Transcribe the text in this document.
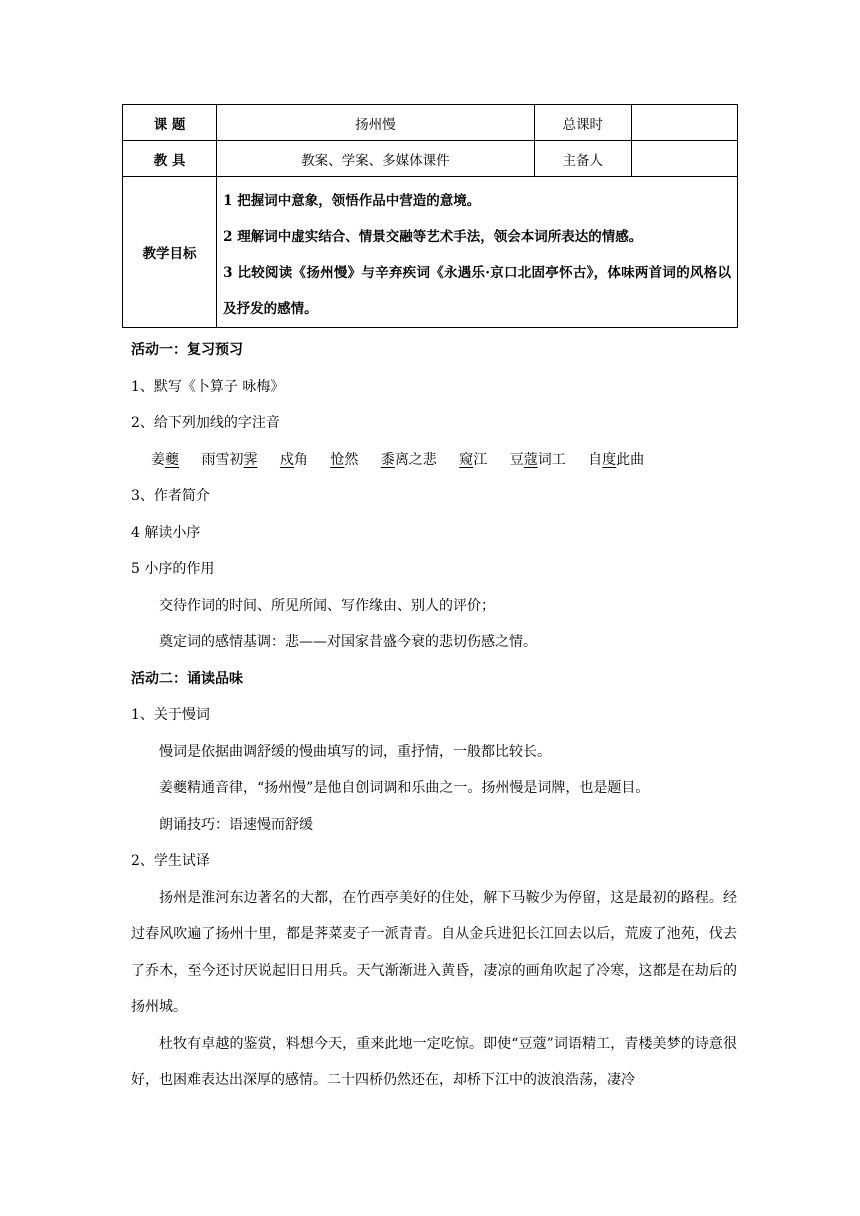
课 题	扬州慢	总课时	
教 具	教案、学案、多媒体课件	主备人	
教学目标	1 把握词中意象，领悟作品中营造的意境。
2 理解词中虚实结合、情景交融等艺术手法，领会本词所表达的情感。
3 比较阅读《扬州慢》与辛弃疾词《永遇乐·京口北固亭怀古》，体味两首词的风格以及抒发的感情。		

活动一：复习预习

1、默写《卜算子 咏梅》

2、给下列加线的字注音

姜夔 雨雪初霁 戍角 怆然 黍离之悲 窥江 豆蔻词工 自度此曲

3、作者简介

4 解读小序

5 小序的作用

交待作词的时间、所见所闻、写作缘由、别人的评价；

奠定词的感情基调：悲——对国家昔盛今衰的悲切伤感之情。

活动二：诵读品味

1、关于慢词

慢词是依据曲调舒缓的慢曲填写的词，重抒情，一般都比较长。

姜夔精通音律，“扬州慢”是他自创词调和乐曲之一。扬州慢是词牌，也是题目。

朗诵技巧：语速慢而舒缓

2、学生试译

扬州是淮河东边著名的大都，在竹西亭美好的住处，解下马鞍少为停留，这是最初的路程。经过春风吹遍了扬州十里，都是荠菜麦子一派青青。自从金兵进犯长江回去以后，荒废了池苑，伐去了乔木，至今还讨厌说起旧日用兵。天气渐渐进入黄昏，凄凉的画角吹起了冷寒，这都是在劫后的扬州城。

杜牧有卓越的鉴赏，料想今天，重来此地一定吃惊。即使“豆蔻”词语精工，青楼美梦的诗意很好，也困难表达出深厚的感情。二十四桥仍然还在，却桥下江中的波浪浩荡，凄冷
